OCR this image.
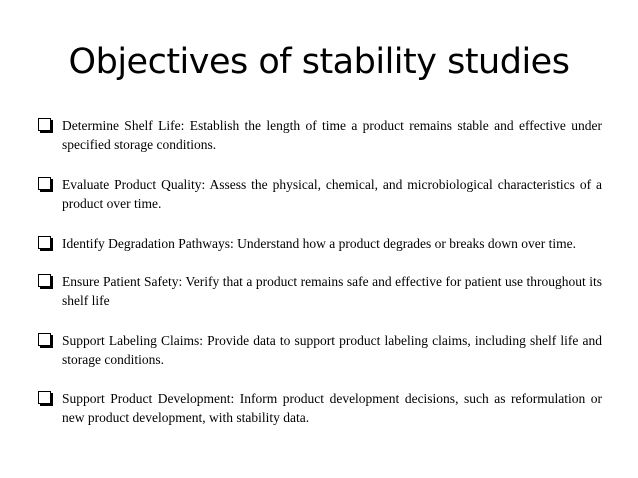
Objectives of stability studies
Determine Shelf Life: Establish the length of time a product remains stable and effective under specified storage conditions.
Evaluate Product Quality: Assess the physical, chemical, and microbiological characteristics of a product over time.
Identify Degradation Pathways: Understand how a product degrades or breaks down over time.
Ensure Patient Safety: Verify that a product remains safe and effective for patient use throughout its shelf life
Support Labeling Claims: Provide data to support product labeling claims, including shelf life and storage conditions.
Support Product Development: Inform product development decisions, such as reformulation or new product development, with stability data.
